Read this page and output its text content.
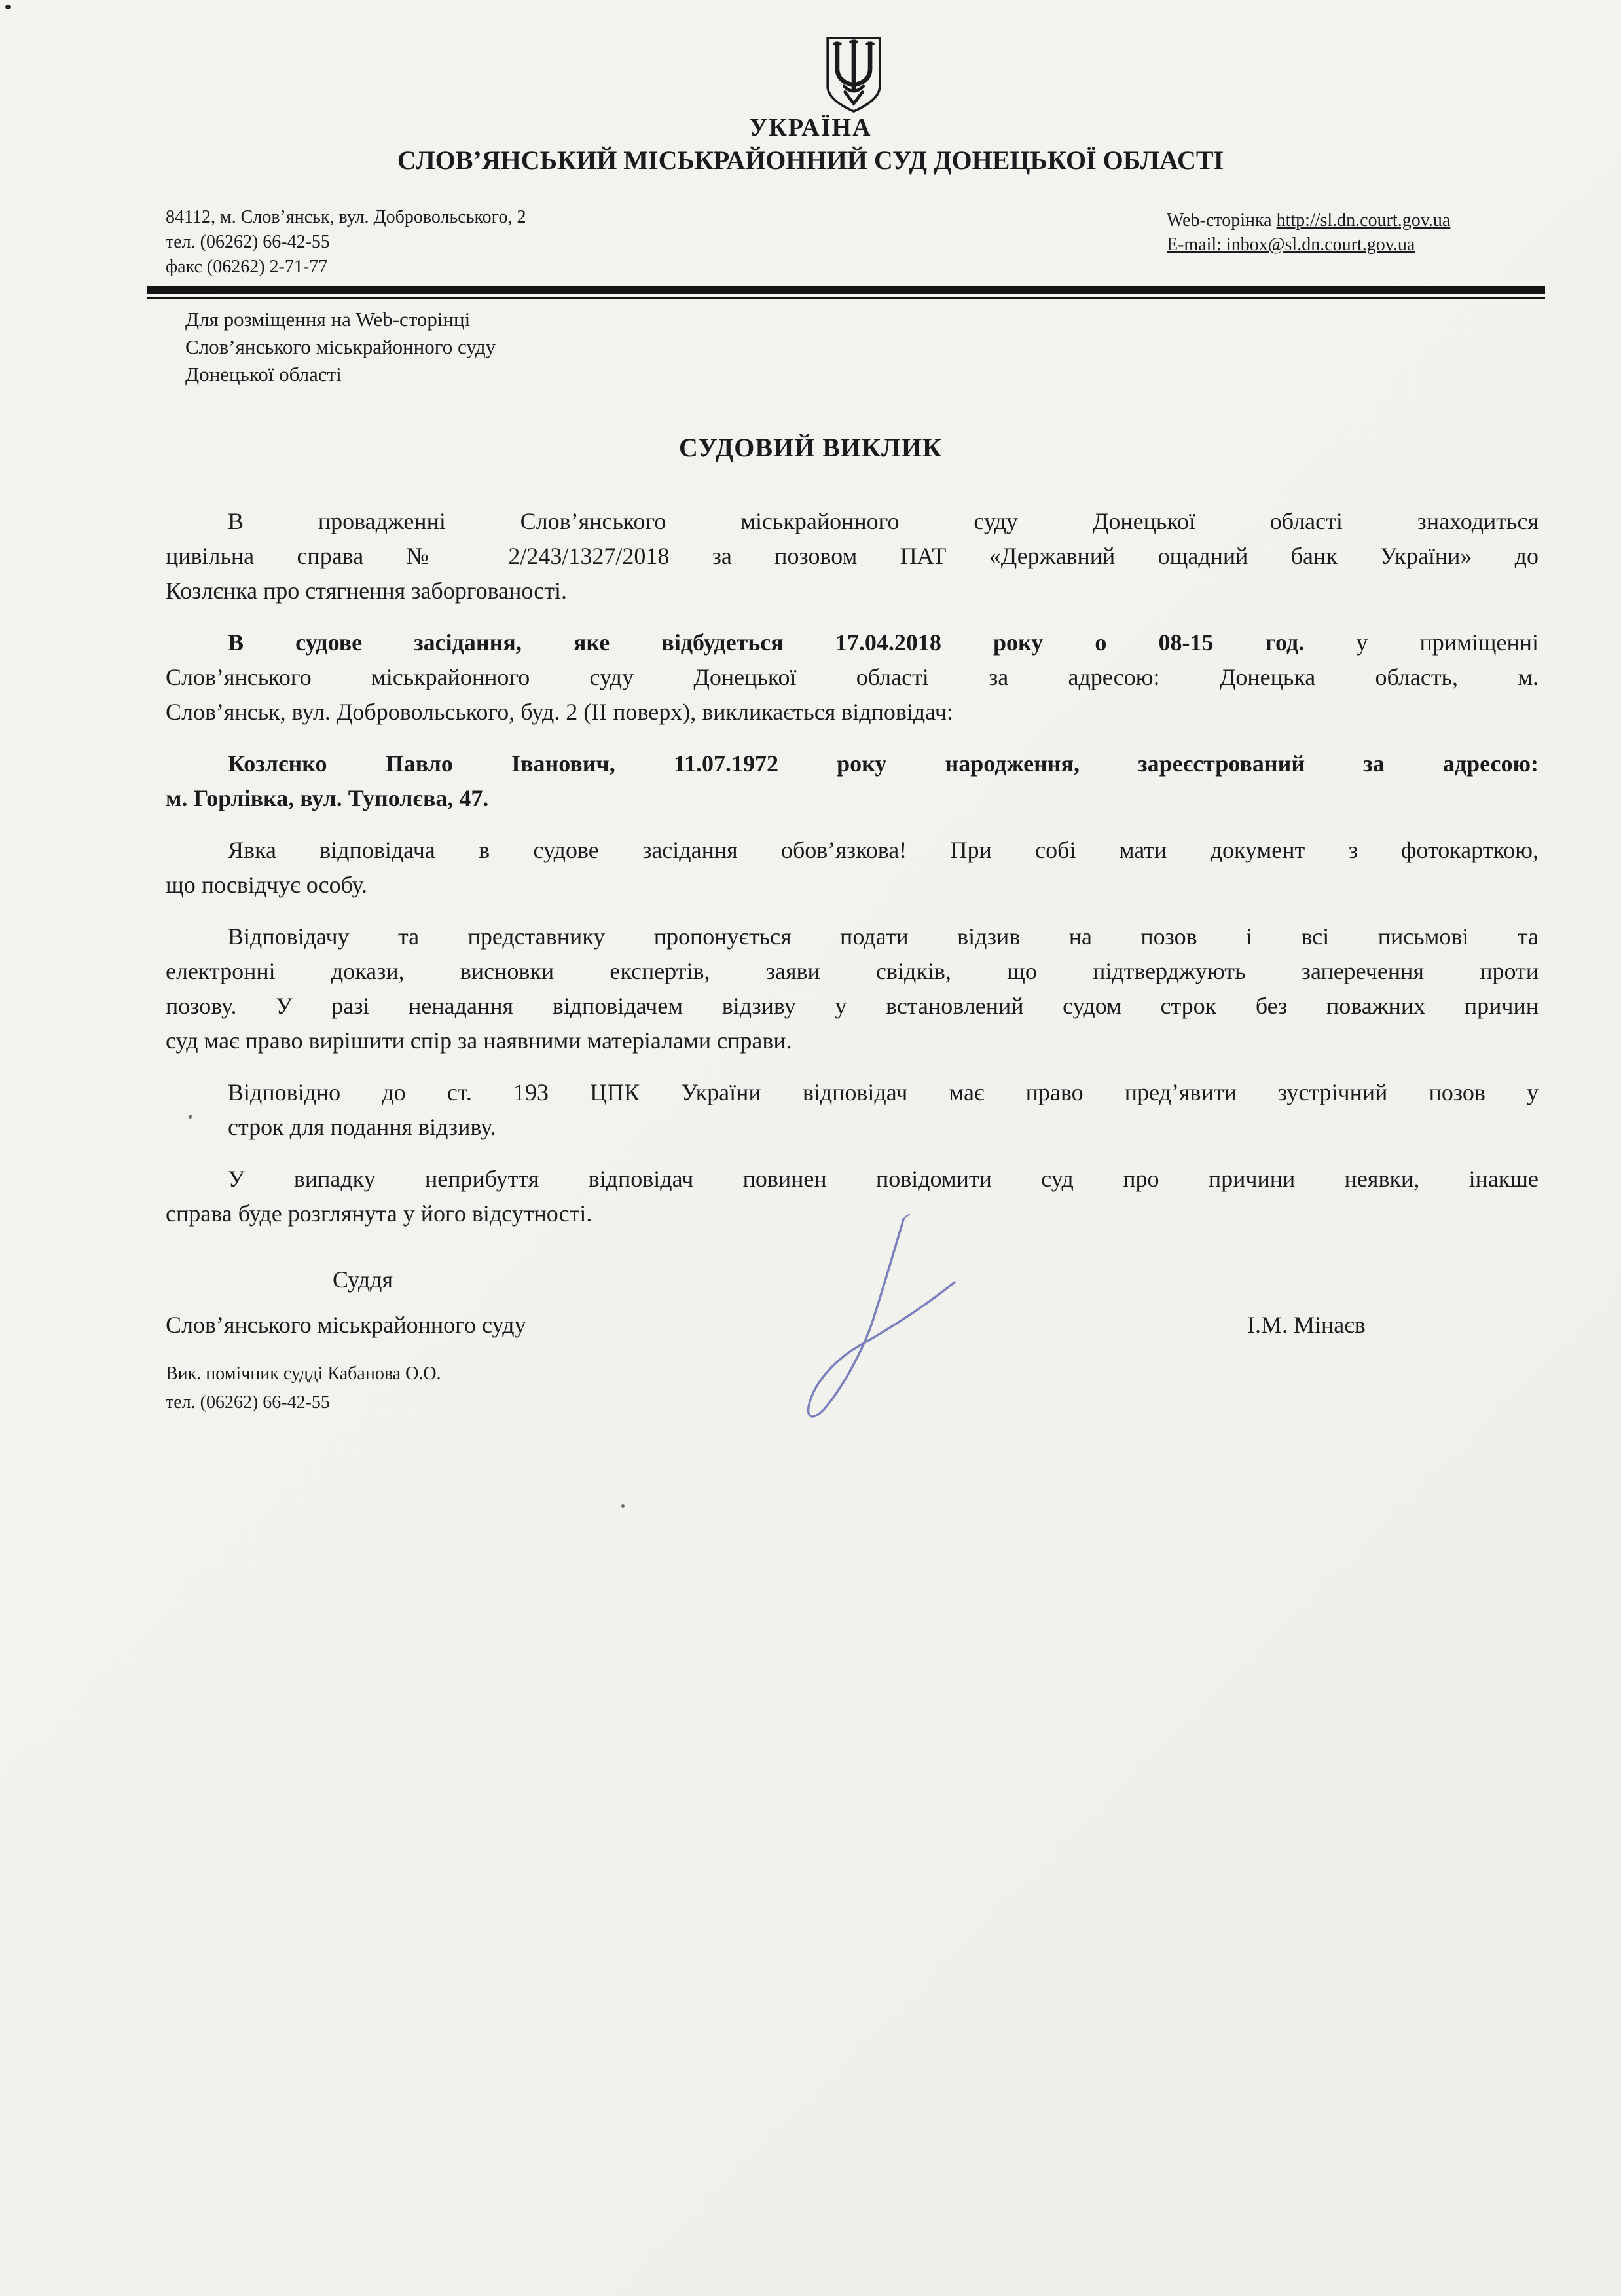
УКРАЇНА
СЛОВ’ЯНСЬКИЙ МІСЬКРАЙОННИЙ СУД ДОНЕЦЬКОЇ ОБЛАСТІ
84112, м. Слов’янськ, вул. Добровольського, 2
тел. (06262) 66-42-55
факс (06262) 2-71-77
Web-сторінка http://sl.dn.court.gov.ua
E-mail: inbox@sl.dn.court.gov.ua
Для розміщення на Web-сторінці
Слов’янського міськрайонного суду
Донецької області
СУДОВИЙ ВИКЛИК
В провадженні Слов’янського міськрайонного суду Донецької області знаходиться
цивільна справа № 2/243/1327/2018 за позовом ПАТ «Державний ощадний банк України» до
Козлєнка про стягнення заборгованості.
В судове засідання, яке відбудеться 17.04.2018 року о 08-15 год. у приміщенні
Слов’янського міськрайонного суду Донецької області за адресою: Донецька область, м.
Слов’янськ, вул. Добровольського, буд. 2 (ІІ поверх), викликається відповідач:
Козлєнко Павло Іванович, 11.07.1972 року народження, зареєстрований за адресою:
м. Горлівка, вул. Туполєва, 47.
Явка відповідача в судове засідання обов’язкова! При собі мати документ з фотокарткою,
що посвідчує особу.
Відповідачу та представнику пропонується подати відзив на позов і всі письмові та
електронні докази, висновки експертів, заяви свідків, що підтверджують заперечення проти
позову. У разі ненадання відповідачем відзиву у встановлений судом строк без поважних причин
суд має право вирішити спір за наявними матеріалами справи.
Відповідно до ст. 193 ЦПК України відповідач має право пред’явити зустрічний позов у
строк для подання відзиву.
У випадку неприбуття відповідач повинен повідомити суд про причини неявки, інакше
справа буде розглянута у його відсутності.
Суддя
Слов’янського міськрайонного суду	І.М. Мінаєв
Вик. помічник судді Кабанова О.О.
тел. (06262) 66-42-55
